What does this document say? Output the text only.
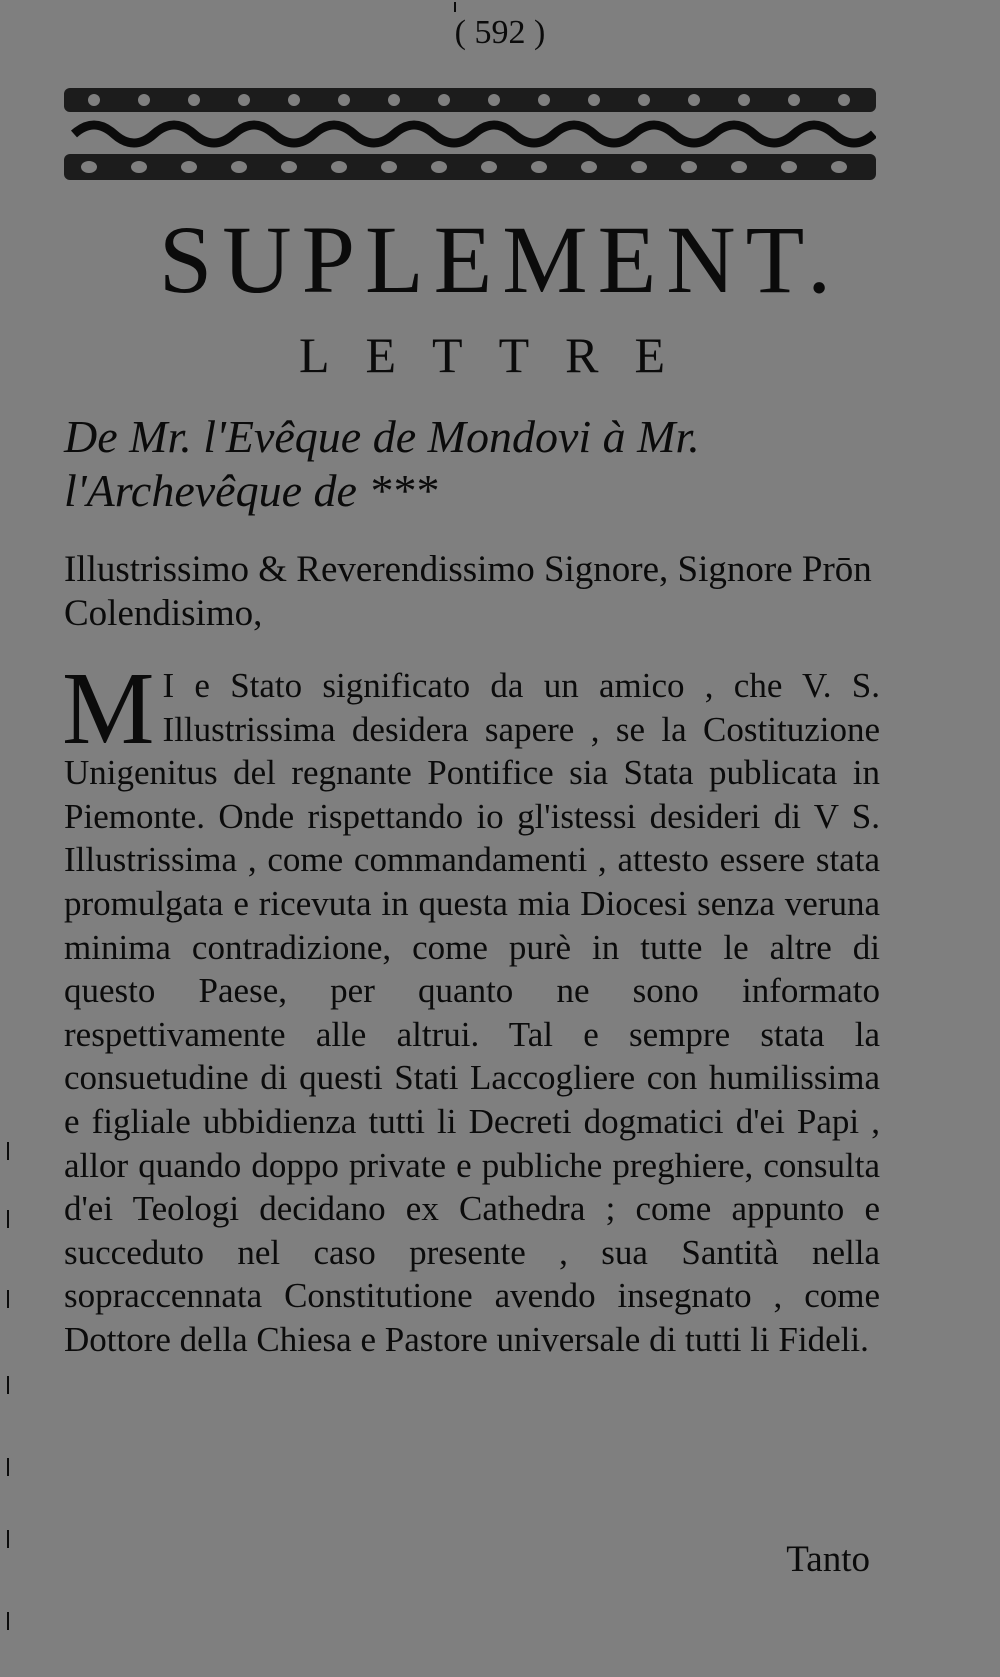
( 592 )
SUPLEMENT.
LETTRE
De Mr. l'Evêque de Mondovi à Mr. l'Archevêque de ***
Illustrissimo & Reverendissimo Signore, Signore Prōn Colendisimo,
M I e Stato significato da un amico , che V. S. Illustrissima desidera sapere , se la Costituzione Unigenitus del regnante Pontifice sia Stata publicata in Piemonte. Onde rispettando io gl'istessi desideri di V S. Illustrissima , come commandamenti , attesto essere stata promulgata e ricevuta in questa mia Diocesi senza veruna minima contradizione, come purè in tutte le altre di questo Paese, per quanto ne sono informato respettivamente alle altrui. Tal e sempre stata la consuetudine di questi Stati Laccogliere con humilissima e figliale ubbidienza tutti li Decreti dogmatici d'ei Papi , allor quando doppo private e publiche preghiere, consulta d'ei Teologi decidano ex Cathedra ; come appunto e succeduto nel caso presente , sua Santità nella sopraccennata Constitutione avendo insegnato , come Dottore della Chiesa e Pastore universale di tutti li Fideli.
Tanto
